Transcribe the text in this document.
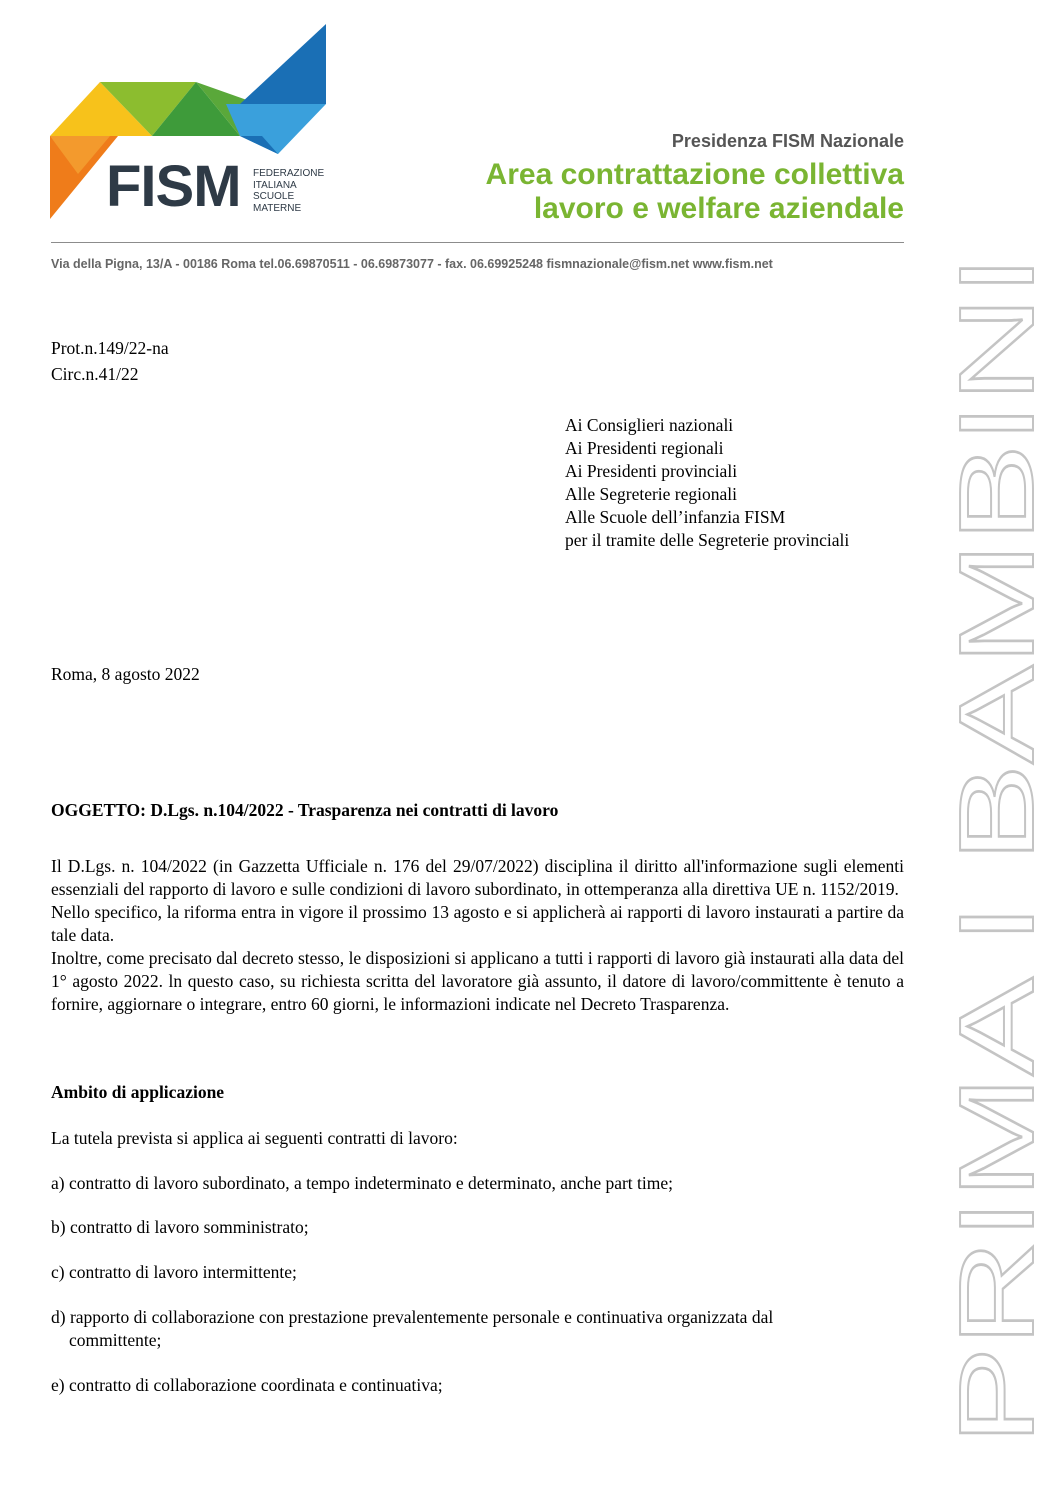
FISM FEDERAZIONE
ITALIANA
SCUOLE
MATERNE
Presidenza FISM Nazionale
Area contrattazione collettiva
lavoro e welfare aziendale
Via della Pigna, 13/A - 00186 Roma tel.06.69870511 - 06.69873077 - fax. 06.69925248 fismnazionale@fism.net www.fism.net
PRIMA I BAMBINI
Prot.n.149/22-na
Circ.n.41/22
Ai Consiglieri nazionali
Ai Presidenti regionali
Ai Presidenti provinciali
Alle Segreterie regionali
Alle Scuole dell’infanzia FISM
per il tramite delle Segreterie provinciali
Roma, 8 agosto 2022
OGGETTO: D.Lgs. n.104/2022 - Trasparenza nei contratti di lavoro

Il D.Lgs. n. 104/2022 (in Gazzetta Ufficiale n. 176 del 29/07/2022) disciplina il diritto all'informazione sugli elementi essenziali del rapporto di lavoro e sulle condizioni di lavoro subordinato, in ottemperanza alla direttiva UE n. 1152/2019.

Nello specifico, la riforma entra in vigore il prossimo 13 agosto e si applicherà ai rapporti di lavoro instaurati a partire da tale data.

Inoltre, come precisato dal decreto stesso, le disposizioni si applicano a tutti i rapporti di lavoro già instaurati alla data del 1° agosto 2022. ln questo caso, su richiesta scritta del lavoratore già assunto, il datore di lavoro/committente è tenuto a fornire, aggiornare o integrare, entro 60 giorni, le informazioni indicate nel Decreto Trasparenza.

Ambito di applicazione
La tutela prevista si applica ai seguenti contratti di lavoro:
a) contratto di lavoro subordinato, a tempo indeterminato e determinato, anche part time;
b) contratto di lavoro somministrato;
c) contratto di lavoro intermittente;
d) rapporto di collaborazione con prestazione prevalentemente personale e continuativa organizzata dal
committente;
e) contratto di collaborazione coordinata e continuativa;
